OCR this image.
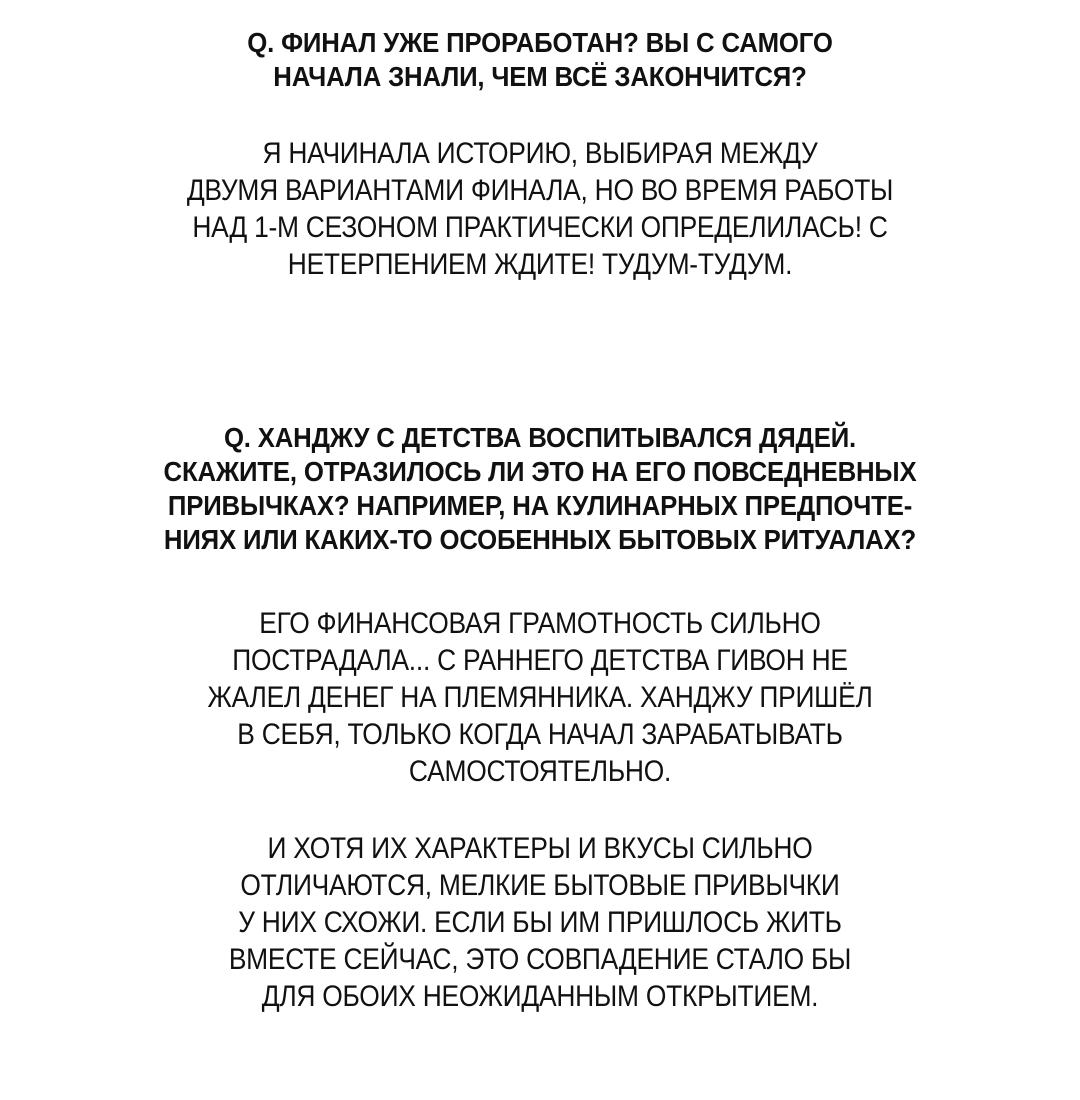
Q. ФИНАЛ УЖЕ ПРОРАБОТАН? ВЫ С САМОГО
НАЧАЛА ЗНАЛИ, ЧЕМ ВСЁ ЗАКОНЧИТСЯ?
Я НАЧИНАЛА ИСТОРИЮ, ВЫБИРАЯ МЕЖДУ
ДВУМЯ ВАРИАНТАМИ ФИНАЛА, НО ВО ВРЕМЯ РАБОТЫ
НАД 1-М СЕЗОНОМ ПРАКТИЧЕСКИ ОПРЕДЕЛИЛАСЬ! С
НЕТЕРПЕНИЕМ ЖДИТЕ! ТУДУМ-ТУДУМ.
Q. ХАНДЖУ С ДЕТСТВА ВОСПИТЫВАЛСЯ ДЯДЕЙ.
СКАЖИТЕ, ОТРАЗИЛОСЬ ЛИ ЭТО НА ЕГО ПОВСЕДНЕВНЫХ
ПРИВЫЧКАХ? НАПРИМЕР, НА КУЛИНАРНЫХ ПРЕДПОЧТЕ-
НИЯХ ИЛИ КАКИХ-ТО ОСОБЕННЫХ БЫТОВЫХ РИТУАЛАХ?
ЕГО ФИНАНСОВАЯ ГРАМОТНОСТЬ СИЛЬНО
ПОСТРАДАЛА... С РАННЕГО ДЕТСТВА ГИВОН НЕ
ЖАЛЕЛ ДЕНЕГ НА ПЛЕМЯННИКА. ХАНДЖУ ПРИШЁЛ
В СЕБЯ, ТОЛЬКО КОГДА НАЧАЛ ЗАРАБАТЫВАТЬ
САМОСТОЯТЕЛЬНО.
И ХОТЯ ИХ ХАРАКТЕРЫ И ВКУСЫ СИЛЬНО
ОТЛИЧАЮТСЯ, МЕЛКИЕ БЫТОВЫЕ ПРИВЫЧКИ
У НИХ СХОЖИ. ЕСЛИ БЫ ИМ ПРИШЛОСЬ ЖИТЬ
ВМЕСТЕ СЕЙЧАС, ЭТО СОВПАДЕНИЕ СТАЛО БЫ
ДЛЯ ОБОИХ НЕОЖИДАННЫМ ОТКРЫТИЕМ.
